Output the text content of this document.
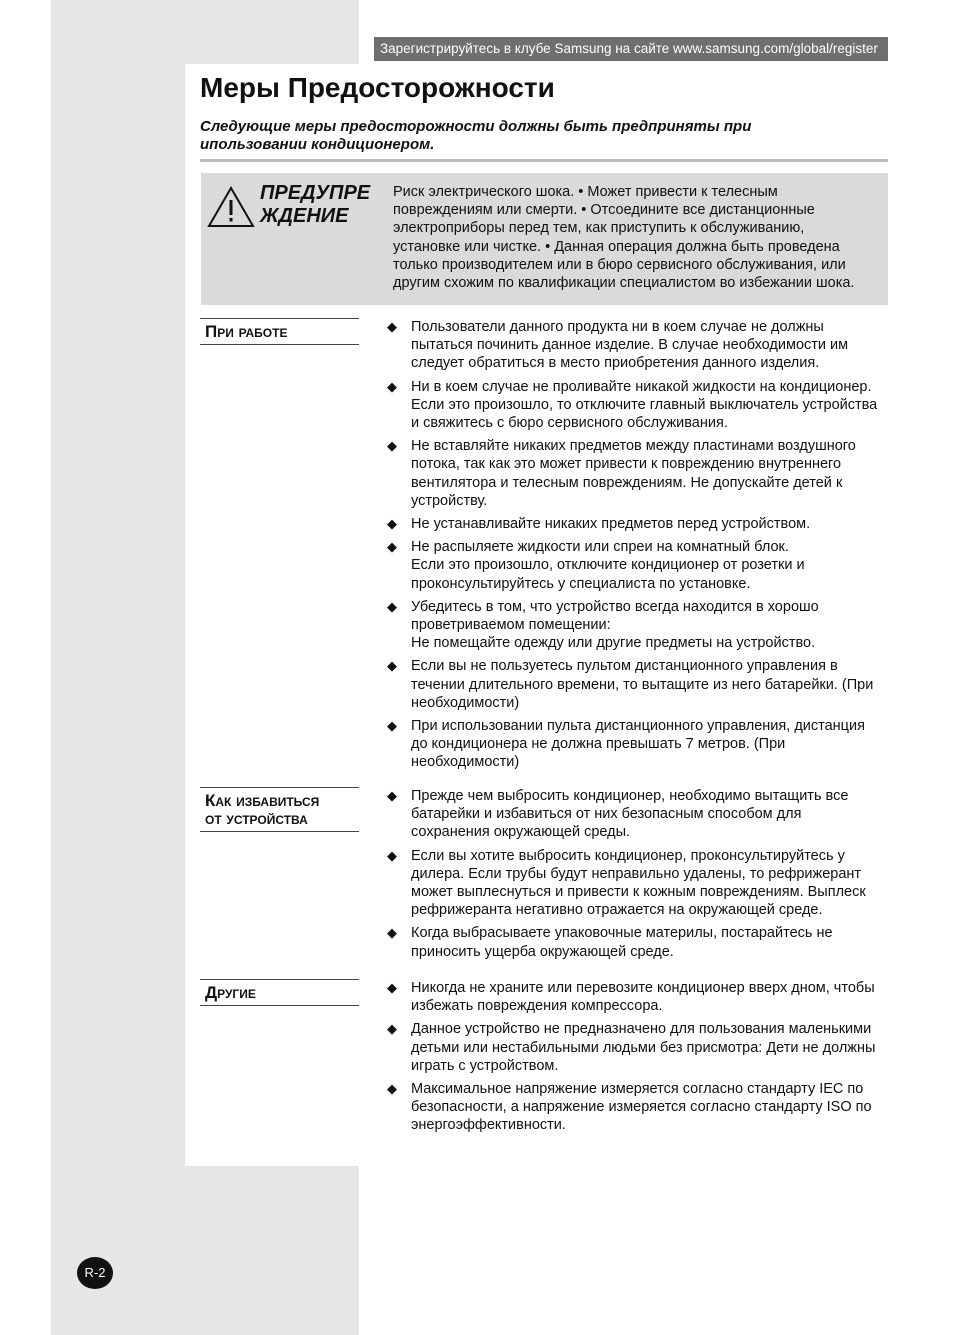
Зарегистрируйтесь в клубе Samsung на сайте www.samsung.com/global/register
Меры Предосторожности
Следующие меры предосторожности должны быть предприняты при ипользовании кондиционером.
ПРЕДУПРЕ
ЖДЕНИЕ
Риск электрического шока. • Может привести к телесным повреждениям или смерти. • Отсоедините все дистанционные электроприборы перед тем, как приступить к обслуживанию, установке или чистке. • Данная операция должна быть проведена только производителем или в бюро сервисного обслуживания, или другим схожим по квалификации специалистом во избежании шока.
При работе	◆ Пользователи данного продукта ни в коем случае не должны пытаться починить данное изделие. В случае необходимости им следует обратиться в место приобретения данного изделия.
◆ Ни в коем случае не проливайте никакой жидкости на кондиционер. Если это произошло, то отключите главный выключатель устройства и свяжитесь с бюро сервисного обслуживания.
◆ Не вставляйте никаких предметов между пластинами воздушного потока, так как это может привести к повреждению внутреннего вентилятора и телесным повреждениям. Не допускайте детей к устройству.
◆ Не устанавливайте никаких предметов перед устройством.
◆ Не распыляете жидкости или спреи на комнатный блок.
Если это произошло, отключите кондиционер от розетки и проконсультируйтесь у специалиста по установке.
◆ Убедитесь в том, что устройство всегда находится в хорошо проветриваемом помещении:
Не помещайте одежду или другие предметы на устройство.
◆ Если вы не пользуетесь пультом дистанционного управления в течении длительного времени, то вытащите из него батарейки. (При необходимости)
◆ При использовании пульта дистанционного управления, дистанция до кондиционера не должна превышать 7 метров. (При необходимости)
Как избавиться
от устройства
◆ Прежде чем выбросить кондиционер, необходимо вытащить все батарейки и избавиться от них безопасным способом для сохранения окружающей среды.
◆ Если вы хотите выбросить кондиционер, проконсультируйтесь у дилера. Если трубы будут неправильно удалены, то рефрижерант может выплеснуться и привести к кожным повреждениям. Выплеск рефрижеранта негативно отражается на окружающей среде.
◆ Когда выбрасываете упаковочные материлы, постарайтесь не приносить ущерба окружающей среде.
Другие	◆ Никогда не храните или перевозите кондиционер вверх дном, чтобы избежать повреждения компрессора.
◆ Данное устройство не предназначено для пользования маленькими детьми или нестабильными людьми без присмотра: Дети не должны играть с устройством.
◆ Максимальное напряжение измеряется согласно стандарту IEC по безопасности, а напряжение измеряется согласно стандарту ISO по энергоэффективности.
R-2
